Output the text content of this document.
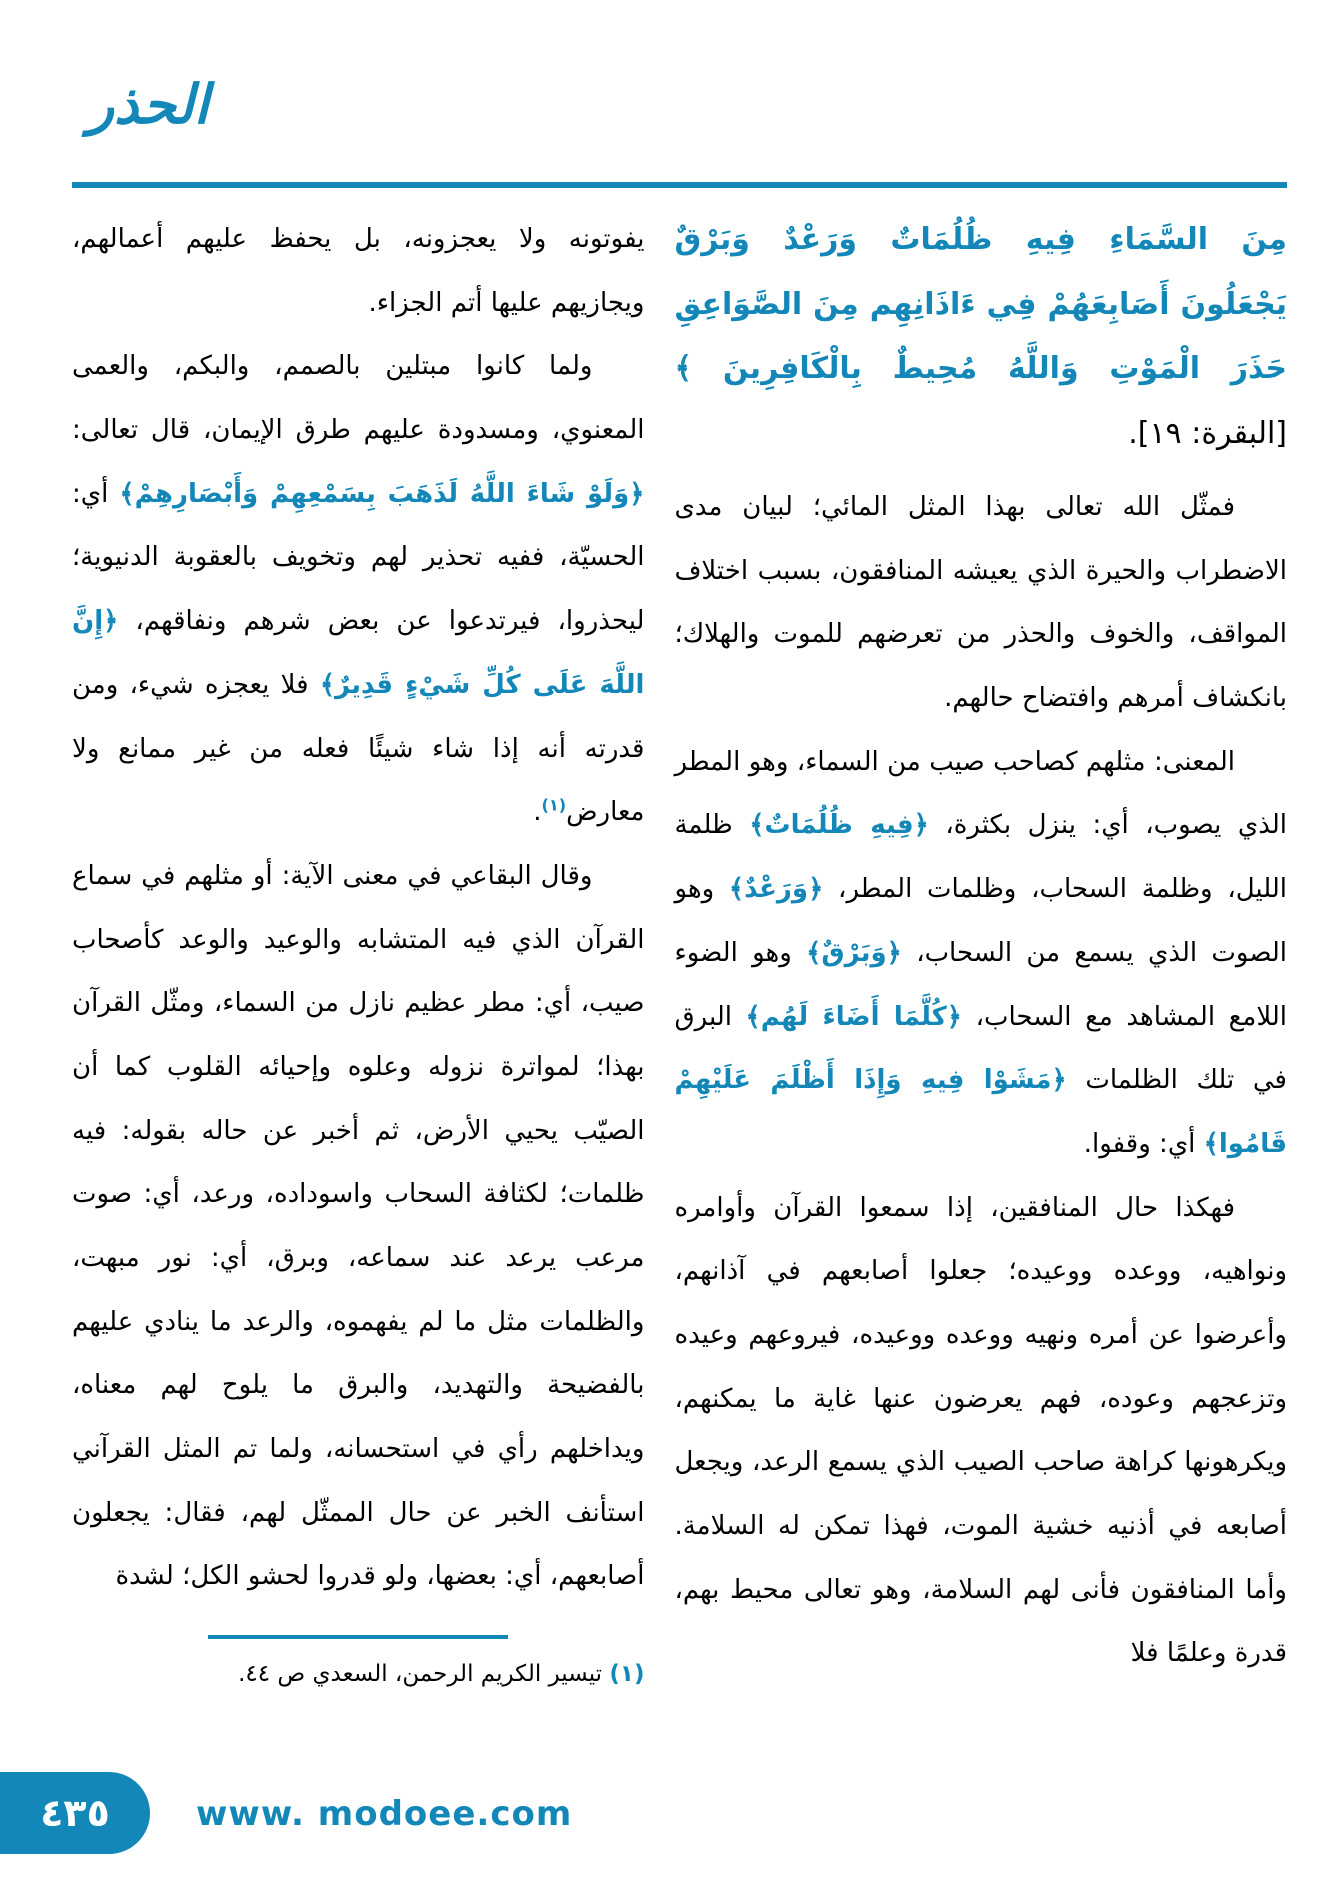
الحذر

مِنَ السَّمَاءِ فِيهِ ظُلُمَاتٌ وَرَعْدٌ وَبَرْقٌ يَجْعَلُونَ أَصَابِعَهُمْ فِي ءَاذَانِهِم مِنَ الصَّوَاعِقِ حَذَرَ الْمَوْتِ وَاللَّهُ مُحِيطٌ بِالْكَافِرِينَ ﴾ [البقرة: ١٩].

فمثّل الله تعالى بهذا المثل المائي؛ لبيان مدى الاضطراب والحيرة الذي يعيشه المنافقون، بسبب اختلاف المواقف، والخوف والحذر من تعرضهم للموت والهلاك؛ بانكشاف أمرهم وافتضاح حالهم.

المعنى: مثلهم كصاحب صيب من السماء، وهو المطر الذي يصوب، أي: ينزل بكثرة، ﴿فِيهِ ظُلُمَاتٌ﴾ ظلمة الليل، وظلمة السحاب، وظلمات المطر، ﴿وَرَعْدٌ﴾ وهو الصوت الذي يسمع من السحاب، ﴿وَبَرْقٌ﴾ وهو الضوء اللامع المشاهد مع السحاب، ﴿كُلَّمَا أَضَاءَ لَهُم﴾ البرق في تلك الظلمات ﴿مَشَوْا فِيهِ وَإِذَا أَظْلَمَ عَلَيْهِمْ قَامُوا﴾ أي: وقفوا.

فهكذا حال المنافقين، إذا سمعوا القرآن وأوامره ونواهيه، ووعده ووعيده؛ جعلوا أصابعهم في آذانهم، وأعرضوا عن أمره ونهيه ووعده ووعيده، فيروعهم وعيده وتزعجهم وعوده، فهم يعرضون عنها غاية ما يمكنهم، ويكرهونها كراهة صاحب الصيب الذي يسمع الرعد، ويجعل أصابعه في أذنيه خشية الموت، فهذا تمكن له السلامة. وأما المنافقون فأنى لهم السلامة، وهو تعالى محيط بهم، قدرة وعلمًا فلا

يفوتونه ولا يعجزونه، بل يحفظ عليهم أعمالهم، ويجازيهم عليها أتم الجزاء.

ولما كانوا مبتلين بالصمم، والبكم، والعمى المعنوي، ومسدودة عليهم طرق الإيمان، قال تعالى: ﴿وَلَوْ شَاءَ اللَّهُ لَذَهَبَ بِسَمْعِهِمْ وَأَبْصَارِهِمْ﴾ أي: الحسيّة، ففيه تحذير لهم وتخويف بالعقوبة الدنيوية؛ ليحذروا، فيرتدعوا عن بعض شرهم ونفاقهم، ﴿إِنَّ اللَّهَ عَلَى كُلِّ شَيْءٍ قَدِيرٌ﴾ فلا يعجزه شيء، ومن قدرته أنه إذا شاء شيئًا فعله من غير ممانع ولا معارض$^{(١)}$.

وقال البقاعي في معنى الآية: أو مثلهم في سماع القرآن الذي فيه المتشابه والوعيد والوعد كأصحاب صيب، أي: مطر عظيم نازل من السماء، ومثّل القرآن بهذا؛ لمواترة نزوله وعلوه وإحيائه القلوب كما أن الصيّب يحيي الأرض، ثم أخبر عن حاله بقوله: فيه ظلمات؛ لكثافة السحاب واسوداده، ورعد، أي: صوت مرعب يرعد عند سماعه، وبرق، أي: نور مبهت، والظلمات مثل ما لم يفهموه، والرعد ما ينادي عليهم بالفضيحة والتهديد، والبرق ما يلوح لهم معناه، ويداخلهم رأي في استحسانه، ولما تم المثل القرآني استأنف الخبر عن حال الممثّل لهم، فقال: يجعلون أصابعهم، أي: بعضها، ولو قدروا لحشو الكل؛ لشدة

(١) تيسير الكريم الرحمن، السعدي ص ٤٤.
٤٣٥	www. modoee.com
